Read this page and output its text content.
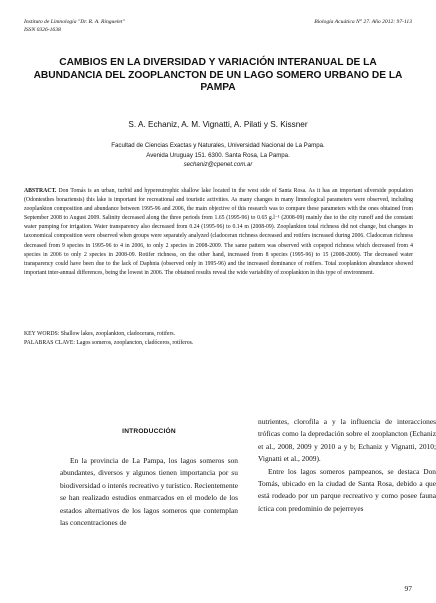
Instituto de Limnología "Dr. R. A. Ringuelet"
ISSN 0326-1638
Biología Acuática N° 27. Año 2012: 97-113
CAMBIOS EN LA DIVERSIDAD Y VARIACIÓN INTERANUAL DE LA ABUNDANCIA DEL ZOOPLANCTON DE UN LAGO SOMERO URBANO DE LA PAMPA
S. A. Echaniz, A. M. Vignatti, A. Pilati y S. Kissner
Facultad de Ciencias Exactas y Naturales, Universidad Nacional de La Pampa.
Avenida Uruguay 151. 6300. Santa Rosa, La Pampa.
sechaniz@cpenet.com.ar
ABSTRACT. Don Tomás is an urban, turbid and hypereutrophic shallow lake located in the west side of Santa Rosa. As it has an important silverside population (Odontesthes bonariensis) this lake is important for recreational and touristic activities. As many changes in many limnological parameters were observed, including zooplankton composition and abundance between 1995-96 and 2006, the main objective of this research was to compare these parameters with the ones obtained from September 2008 to August 2009. Salinity decreased along the three periods from 1.65 (1995-96) to 0.65 g.l⁻¹ (2008-09) mainly due to the city runoff and the constant water pumping for irrigation. Water transparency also decreased from 0.24 (1995-96) to 0.14 m (2008-09). Zooplankton total richness did not change, but changes in taxonomical composition were observed when groups were separately analyzed (cladoceran richness decreased and rotifers increased during 2006. Cladoceran richness decreased from 9 species in 1995-96 to 4 in 2006, to only 2 species in 2008-2009. The same pattern was observed with copepod richness which decreased from 4 species in 2006 to only 2 species in 2008-09. Rotifer richness, on the other hand, increased from 8 species (1995-96) to 15 (2008-2009). The decreased water transparency could have been due to the lack of Daphnia (observed only in 1995-96) and the increased dominance of rotifers. Total zooplankton abundance showed important inter-annual differences, being the lowest in 2006. The obtained results reveal the wide variability of zooplankton in this type of environment.
KEY WORDS: Shallow lakes, zooplankton, cladocerans, rotifers.
PALABRAS CLAVE: Lagos someros, zooplancton, cladóceros, rotíferos.
INTRODUCCIÓN

En la provincia de La Pampa, los lagos someros son abundantes, diversos y algunos tienen importancia por su biodiversidad o interés recreativo y turístico. Recientemente se han realizado estudios enmarcados en el modelo de los estados alternativos de los lagos someros que contemplan las concentraciones de

nutrientes, clorofila a y la influencia de interacciones tróficas como la depredación sobre el zooplancton (Echaniz et al., 2008, 2009 y 2010 a y b; Echaniz y Vignatti, 2010; Vignatti et al., 2009).

Entre los lagos someros pampeanos, se destaca Don Tomás, ubicado en la ciudad de Santa Rosa, debido a que está rodeado por un parque recreativo y como posee fauna íctica con predominio de pejerreyes

97
